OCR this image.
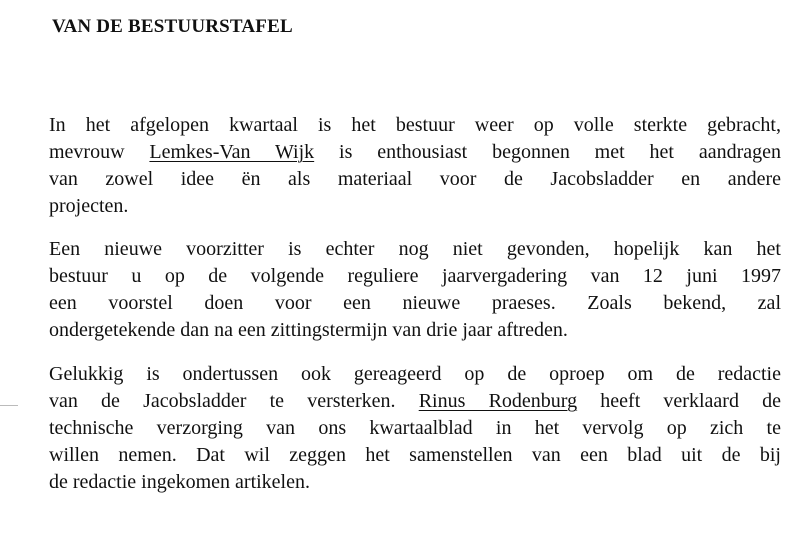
VAN DE BESTUURSTAFEL
In het afgelopen kwartaal is het bestuur weer op volle sterkte gebracht,
mevrouw Lemkes-Van Wijk is enthousiast begonnen met het aandragen
van zowel idee ën als materiaal voor de Jacobsladder en andere
projecten.
Een nieuwe voorzitter is echter nog niet gevonden, hopelijk kan het
bestuur u op de volgende reguliere jaarvergadering van 12 juni 1997
een voorstel doen voor een nieuwe praeses. Zoals bekend, zal
ondergetekende dan na een zittingstermijn van drie jaar aftreden.
Gelukkig is ondertussen ook gereageerd op de oproep om de redactie
van de Jacobsladder te versterken. Rinus Rodenburg heeft verklaard de
technische verzorging van ons kwartaalblad in het vervolg op zich te
willen nemen. Dat wil zeggen het samenstellen van een blad uit de bij
de redactie ingekomen artikelen.
